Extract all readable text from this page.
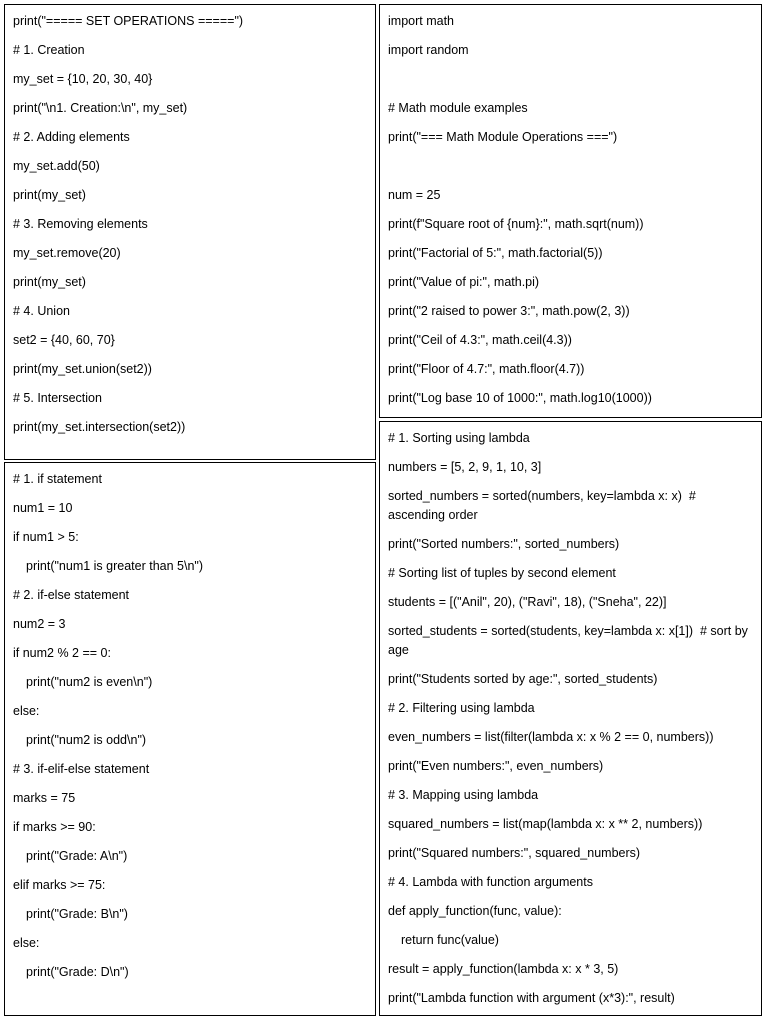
print("===== SET OPERATIONS =====")
# 1. Creation
my_set = {10, 20, 30, 40}
print("\n1. Creation:\n", my_set)
# 2. Adding elements
my_set.add(50)
print(my_set)
# 3. Removing elements
my_set.remove(20)
print(my_set)
# 4. Union
set2 = {40, 60, 70}
print(my_set.union(set2))
# 5. Intersection
print(my_set.intersection(set2))
import math
import random
# Math module examples
print("=== Math Module Operations ===")
num = 25
print(f"Square root of {num}:", math.sqrt(num))
print("Factorial of 5:", math.factorial(5))
print("Value of pi:", math.pi)
print("2 raised to power 3:", math.pow(2, 3))
print("Ceil of 4.3:", math.ceil(4.3))
print("Floor of 4.7:", math.floor(4.7))
print("Log base 10 of 1000:", math.log10(1000))
# 1. if statement
num1 = 10
if num1 > 5:
print("num1 is greater than 5\n")
# 2. if-else statement
num2 = 3
if num2 % 2 == 0:
print("num2 is even\n")
else:
print("num2 is odd\n")
# 3. if-elif-else statement
marks = 75
if marks >= 90:
print("Grade: A\n")
elif marks >= 75:
print("Grade: B\n")
else:
print("Grade: D\n")
# 1. Sorting using lambda
numbers = [5, 2, 9, 1, 10, 3]
sorted_numbers = sorted(numbers, key=lambda x: x)  # ascending order
print("Sorted numbers:", sorted_numbers)
# Sorting list of tuples by second element
students = [("Anil", 20), ("Ravi", 18), ("Sneha", 22)]
sorted_students = sorted(students, key=lambda x: x[1])  # sort by age
print("Students sorted by age:", sorted_students)
# 2. Filtering using lambda
even_numbers = list(filter(lambda x: x % 2 == 0, numbers))
print("Even numbers:", even_numbers)
# 3. Mapping using lambda
squared_numbers = list(map(lambda x: x ** 2, numbers))
print("Squared numbers:", squared_numbers)
# 4. Lambda with function arguments
def apply_function(func, value):
return func(value)
result = apply_function(lambda x: x * 3, 5)
print("Lambda function with argument (x*3):", result)
